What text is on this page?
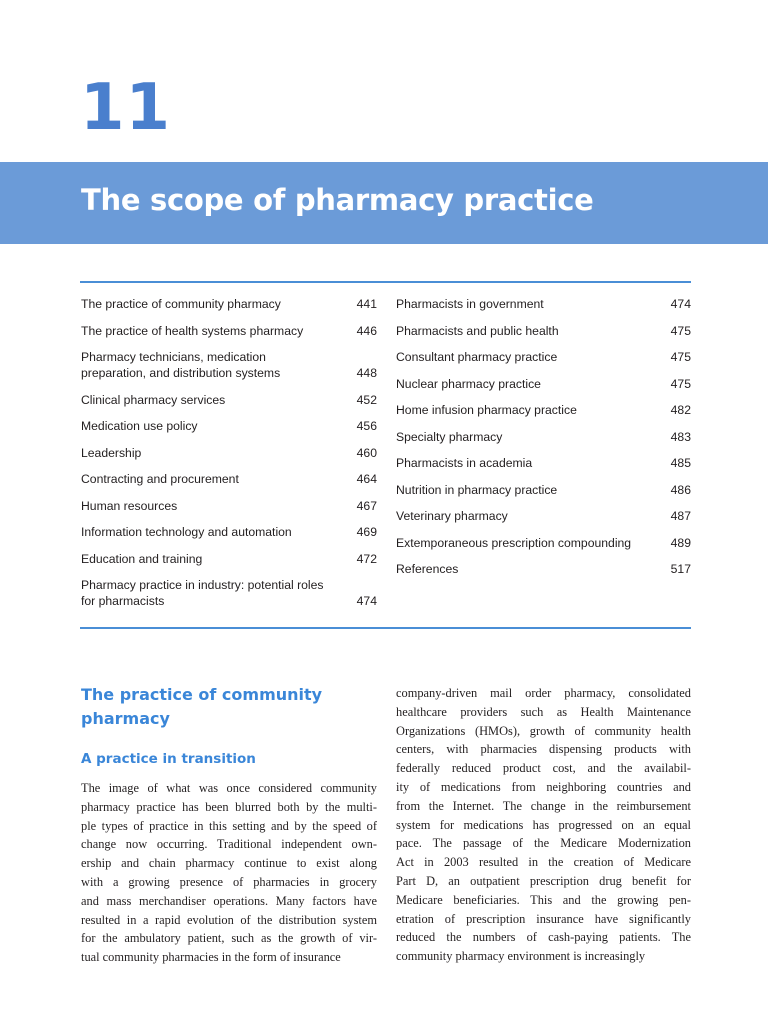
11
The scope of pharmacy practice
The practice of community pharmacy	441
The practice of health systems pharmacy	446
Pharmacy technicians, medication preparation, and distribution systems	448
Clinical pharmacy services	452
Medication use policy	456
Leadership	460
Contracting and procurement	464
Human resources	467
Information technology and automation	469
Education and training	472
Pharmacy practice in industry: potential roles for pharmacists	474
Pharmacists in government	474
Pharmacists and public health	475
Consultant pharmacy practice	475
Nuclear pharmacy practice	475
Home infusion pharmacy practice	482
Specialty pharmacy	483
Pharmacists in academia	485
Nutrition in pharmacy practice	486
Veterinary pharmacy	487
Extemporaneous prescription compounding	489
References	517
The practice of community
pharmacy
A practice in transition
The image of what was once considered community
pharmacy practice has been blurred both by the multi-
ple types of practice in this setting and by the speed of
change now occurring. Traditional independent own-
ership and chain pharmacy continue to exist along
with a growing presence of pharmacies in grocery
and mass merchandiser operations. Many factors have
resulted in a rapid evolution of the distribution system
for the ambulatory patient, such as the growth of vir-
tual community pharmacies in the form of insurance
company-driven mail order pharmacy, consolidated
healthcare providers such as Health Maintenance
Organizations (HMOs), growth of community health
centers, with pharmacies dispensing products with
federally reduced product cost, and the availabil-
ity of medications from neighboring countries and
from the Internet. The change in the reimbursement
system for medications has progressed on an equal
pace. The passage of the Medicare Modernization
Act in 2003 resulted in the creation of Medicare
Part D, an outpatient prescription drug benefit for
Medicare beneficiaries. This and the growing pen-
etration of prescription insurance have significantly
reduced the numbers of cash-paying patients. The
community pharmacy environment is increasingly
